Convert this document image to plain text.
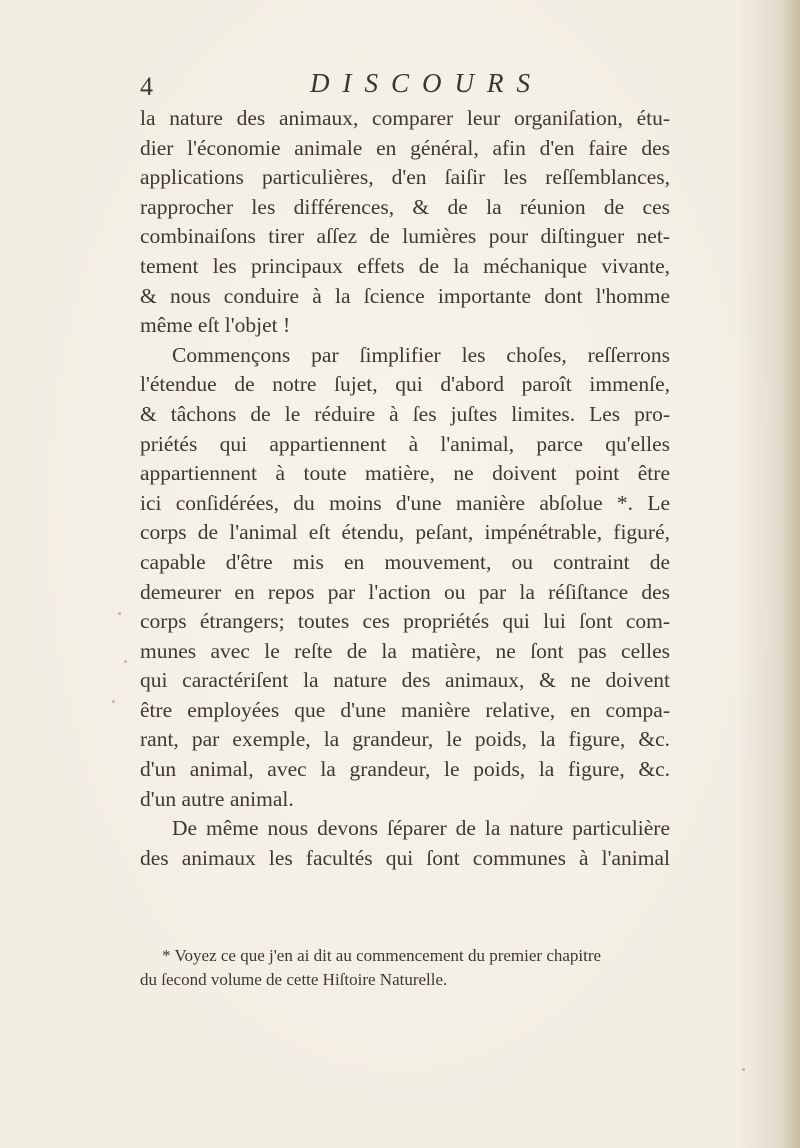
4	DISCOURS
la nature des animaux, comparer leur organiſation, étu-
dier l'économie animale en général, afin d'en faire des
applications particulières, d'en ſaiſir les reſſemblances,
rapprocher les différences, & de la réunion de ces
combinaiſons tirer aſſez de lumières pour diſtinguer net-
tement les principaux effets de la méchanique vivante,
& nous conduire à la ſcience importante dont l'homme
même eſt l'objet !
Commençons par ſimplifier les choſes, reſſerrons
l'étendue de notre ſujet, qui d'abord paroît immenſe,
& tâchons de le réduire à ſes juſtes limites. Les pro-
priétés qui appartiennent à l'animal, parce qu'elles
appartiennent à toute matière, ne doivent point être
ici conſidérées, du moins d'une manière abſolue *. Le
corps de l'animal eſt étendu, peſant, impénétrable, figuré,
capable d'être mis en mouvement, ou contraint de
demeurer en repos par l'action ou par la réſiſtance des
corps étrangers; toutes ces propriétés qui lui ſont com-
munes avec le reſte de la matière, ne ſont pas celles
qui caractériſent la nature des animaux, & ne doivent
être employées que d'une manière relative, en compa-
rant, par exemple, la grandeur, le poids, la figure, &c.
d'un animal, avec la grandeur, le poids, la figure, &c.
d'un autre animal.
De même nous devons ſéparer de la nature particulière
des animaux les facultés qui ſont communes à l'animal
* Voyez ce que j'en ai dit au commencement du premier chapitre
du ſecond volume de cette Hiſtoire Naturelle.
